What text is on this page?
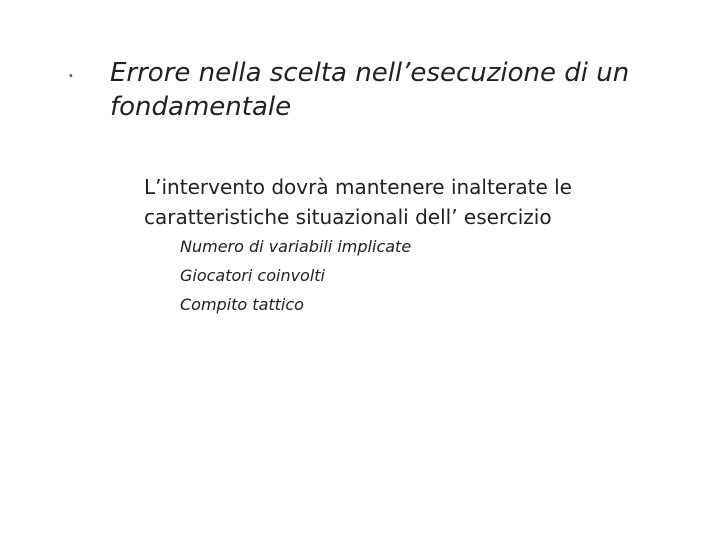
• Errore nella scelta nell’esecuzione di un fondamentale
L’intervento dovrà mantenere inalterate le caratteristiche situazionali dell’ esercizio
Numero di variabili implicate
Giocatori coinvolti
Compito tattico
